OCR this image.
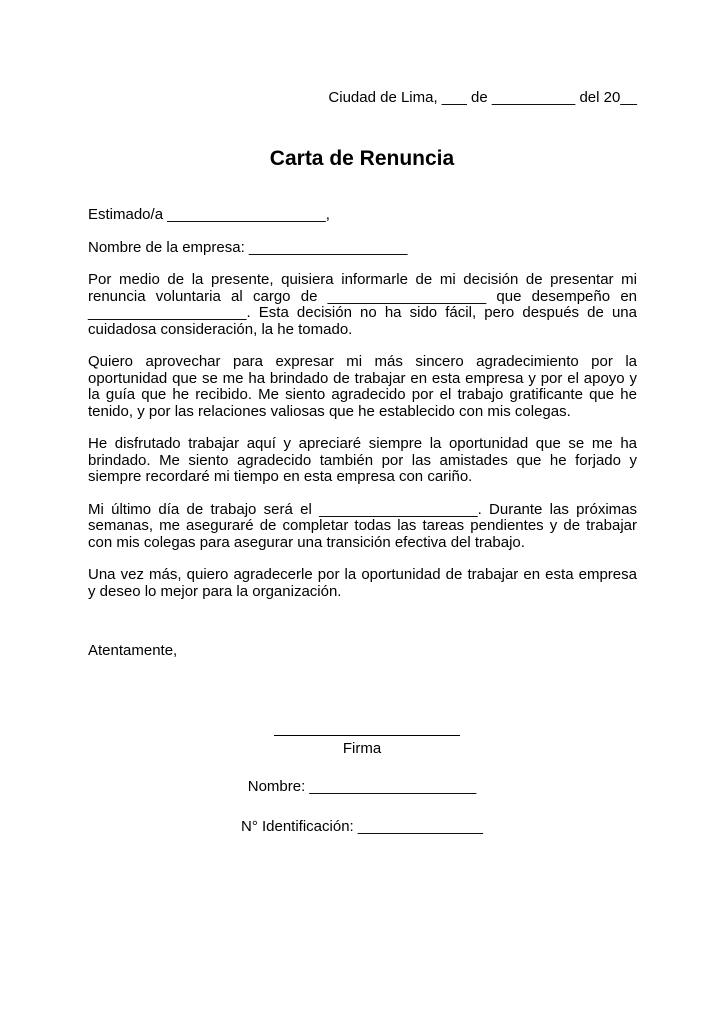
Ciudad de Lima, ___ de __________ del 20__
Carta de Renuncia

Estimado/a ___________________,

Nombre de la empresa: ___________________

Por medio de la presente, quisiera informarle de mi decisión de presentar mi renuncia voluntaria al cargo de ___________________ que desempeño en ___________________. Esta decisión no ha sido fácil, pero después de una cuidadosa consideración, la he tomado.

Quiero aprovechar para expresar mi más sincero agradecimiento por la oportunidad que se me ha brindado de trabajar en esta empresa y por el apoyo y la guía que he recibido. Me siento agradecido por el trabajo gratificante que he tenido, y por las relaciones valiosas que he establecido con mis colegas.

He disfrutado trabajar aquí y apreciaré siempre la oportunidad que se me ha brindado. Me siento agradecido también por las amistades que he forjado y siempre recordaré mi tiempo en esta empresa con cariño.

Mi último día de trabajo será el ___________________. Durante las próximas semanas, me aseguraré de completar todas las tareas pendientes y de trabajar con mis colegas para asegurar una transición efectiva del trabajo.

Una vez más, quiero agradecerle por la oportunidad de trabajar en esta empresa y deseo lo mejor para la organización.

Atentamente,
Firma
Nombre: ____________________
N° Identificación: _______________
